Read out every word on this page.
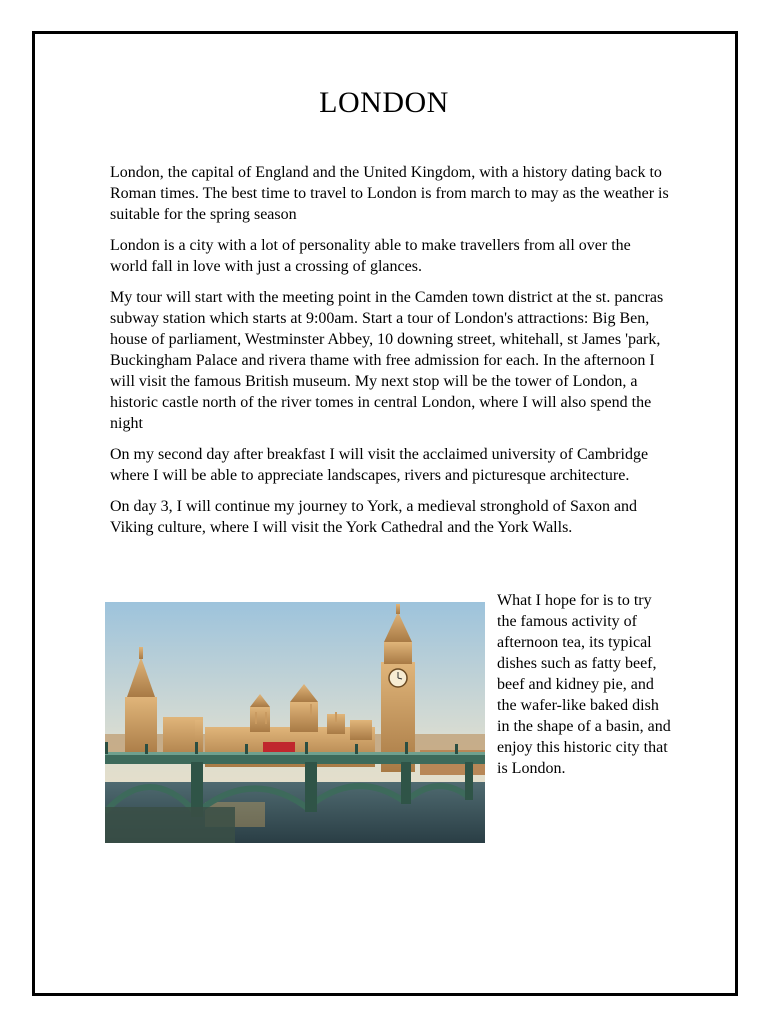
LONDON

London, the capital of England and the United Kingdom, with a history dating back to Roman times. The best time to travel to London is from march to may as the weather is suitable for the spring season

London is a city with a lot of personality able to make travellers from all over the world fall in love with just a crossing of glances.

My tour will start with the meeting point in the Camden town district at the st. pancras subway station which starts at 9:00am. Start a tour of London's attractions: Big Ben, house of parliament, Westminster Abbey, 10 downing street, whitehall, st James 'park, Buckingham Palace and rivera thame with free admission for each. In the afternoon I will visit the famous British museum. My next stop will be the tower of London, a historic castle north of the river tomes in central London, where I will also spend the night

On my second day after breakfast I will visit the acclaimed university of Cambridge where I will be able to appreciate landscapes, rivers and picturesque architecture.

On day 3, I will continue my journey to York, a medieval stronghold of Saxon and Viking culture, where I will visit the York Cathedral and the York Walls.

What I hope for is to try the famous activity of afternoon tea, its typical dishes such as fatty beef, beef and kidney pie, and the wafer-like baked dish in the shape of a basin, and enjoy this historic city that is London.
